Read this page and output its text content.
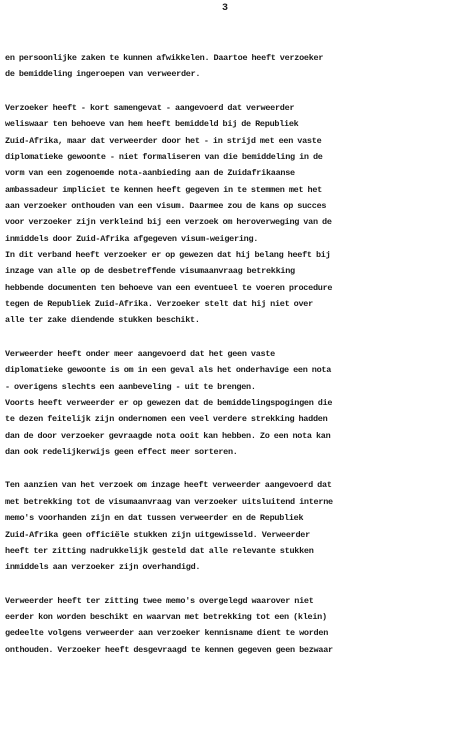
3
en persoonlijke zaken te kunnen afwikkelen. Daartoe heeft verzoeker
de bemiddeling ingeroepen van verweerder.
Verzoeker heeft - kort samengevat - aangevoerd dat verweerder
weliswaar ten behoeve van hem heeft bemiddeld bij de Republiek
Zuid-Afrika, maar dat verweerder door het - in strijd met een vaste
diplomatieke gewoonte - niet formaliseren van die bemiddeling in de
vorm van een zogenoemde nota-aanbieding aan de Zuidafrikaanse
ambassadeur impliciet te kennen heeft gegeven in te stemmen met het
aan verzoeker onthouden van een visum. Daarmee zou de kans op succes
voor verzoeker zijn verkleind bij een verzoek om heroverweging van de
inmiddels door Zuid-Afrika afgegeven visum-weigering.
In dit verband heeft verzoeker er op gewezen dat hij belang heeft bij
inzage van alle op de desbetreffende visumaanvraag betrekking
hebbende documenten ten behoeve van een eventueel te voeren procedure
tegen de Republiek Zuid-Afrika. Verzoeker stelt dat hij niet over
alle ter zake diendende stukken beschikt.
Verweerder heeft onder meer aangevoerd dat het geen vaste
diplomatieke gewoonte is om in een geval als het onderhavige een nota
- overigens slechts een aanbeveling - uit te brengen.
Voorts heeft verweerder er op gewezen dat de bemiddelingspogingen die
te dezen feitelijk zijn ondernomen een veel verdere strekking hadden
dan de door verzoeker gevraagde nota ooit kan hebben. Zo een nota kan
dan ook redelijkerwijs geen effect meer sorteren.
Ten aanzien van het verzoek om inzage heeft verweerder aangevoerd dat
met betrekking tot de visumaanvraag van verzoeker uitsluitend interne
memo's voorhanden zijn en dat tussen verweerder en de Republiek
Zuid-Afrika geen officiële stukken zijn uitgewisseld. Verweerder
heeft ter zitting nadrukkelijk gesteld dat alle relevante stukken
inmiddels aan verzoeker zijn overhandigd.
Verweerder heeft ter zitting twee memo's overgelegd waarover niet
eerder kon worden beschikt en waarvan met betrekking tot een (klein)
gedeelte volgens verweerder aan verzoeker kennisname dient te worden
onthouden. Verzoeker heeft desgevraagd te kennen gegeven geen bezwaar
